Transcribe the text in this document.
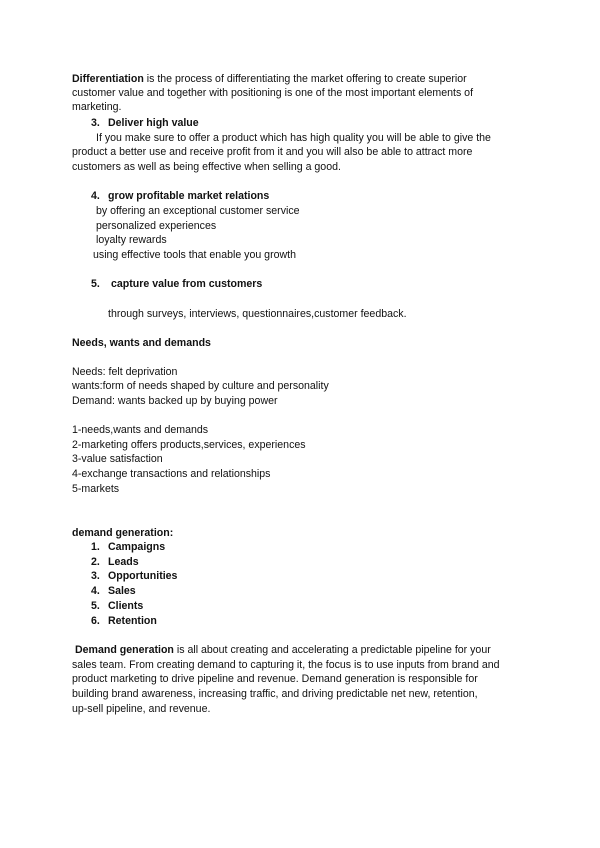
Differentiation is the process of differentiating the market offering to create superior
customer value and together with positioning is one of the most important elements of
marketing.
3. Deliver high value
If you make sure to offer a product which has high quality you will be able to give the
product a better use and receive profit from it and you will also be able to attract more
customers as well as being effective when selling a good.
4. grow profitable market relations
by offering an exceptional customer service
personalized experiences
loyalty rewards
using effective tools that enable you growth
5. capture value from customers
through surveys, interviews, questionnaires,customer feedback.
Needs, wants and demands
Needs: felt deprivation
wants:form of needs shaped by culture and personality
Demand: wants backed up by buying power
1-needs,wants and demands
2-marketing offers products,services, experiences
3-value satisfaction
4-exchange transactions and relationships
5-markets
demand generation:
1. Campaigns
2. Leads
3. Opportunities
4. Sales
5. Clients
6. Retention
Demand generation is all about creating and accelerating a predictable pipeline for your
sales team. From creating demand to capturing it, the focus is to use inputs from brand and
product marketing to drive pipeline and revenue. Demand generation is responsible for
building brand awareness, increasing traffic, and driving predictable net new, retention,
up-sell pipeline, and revenue.
